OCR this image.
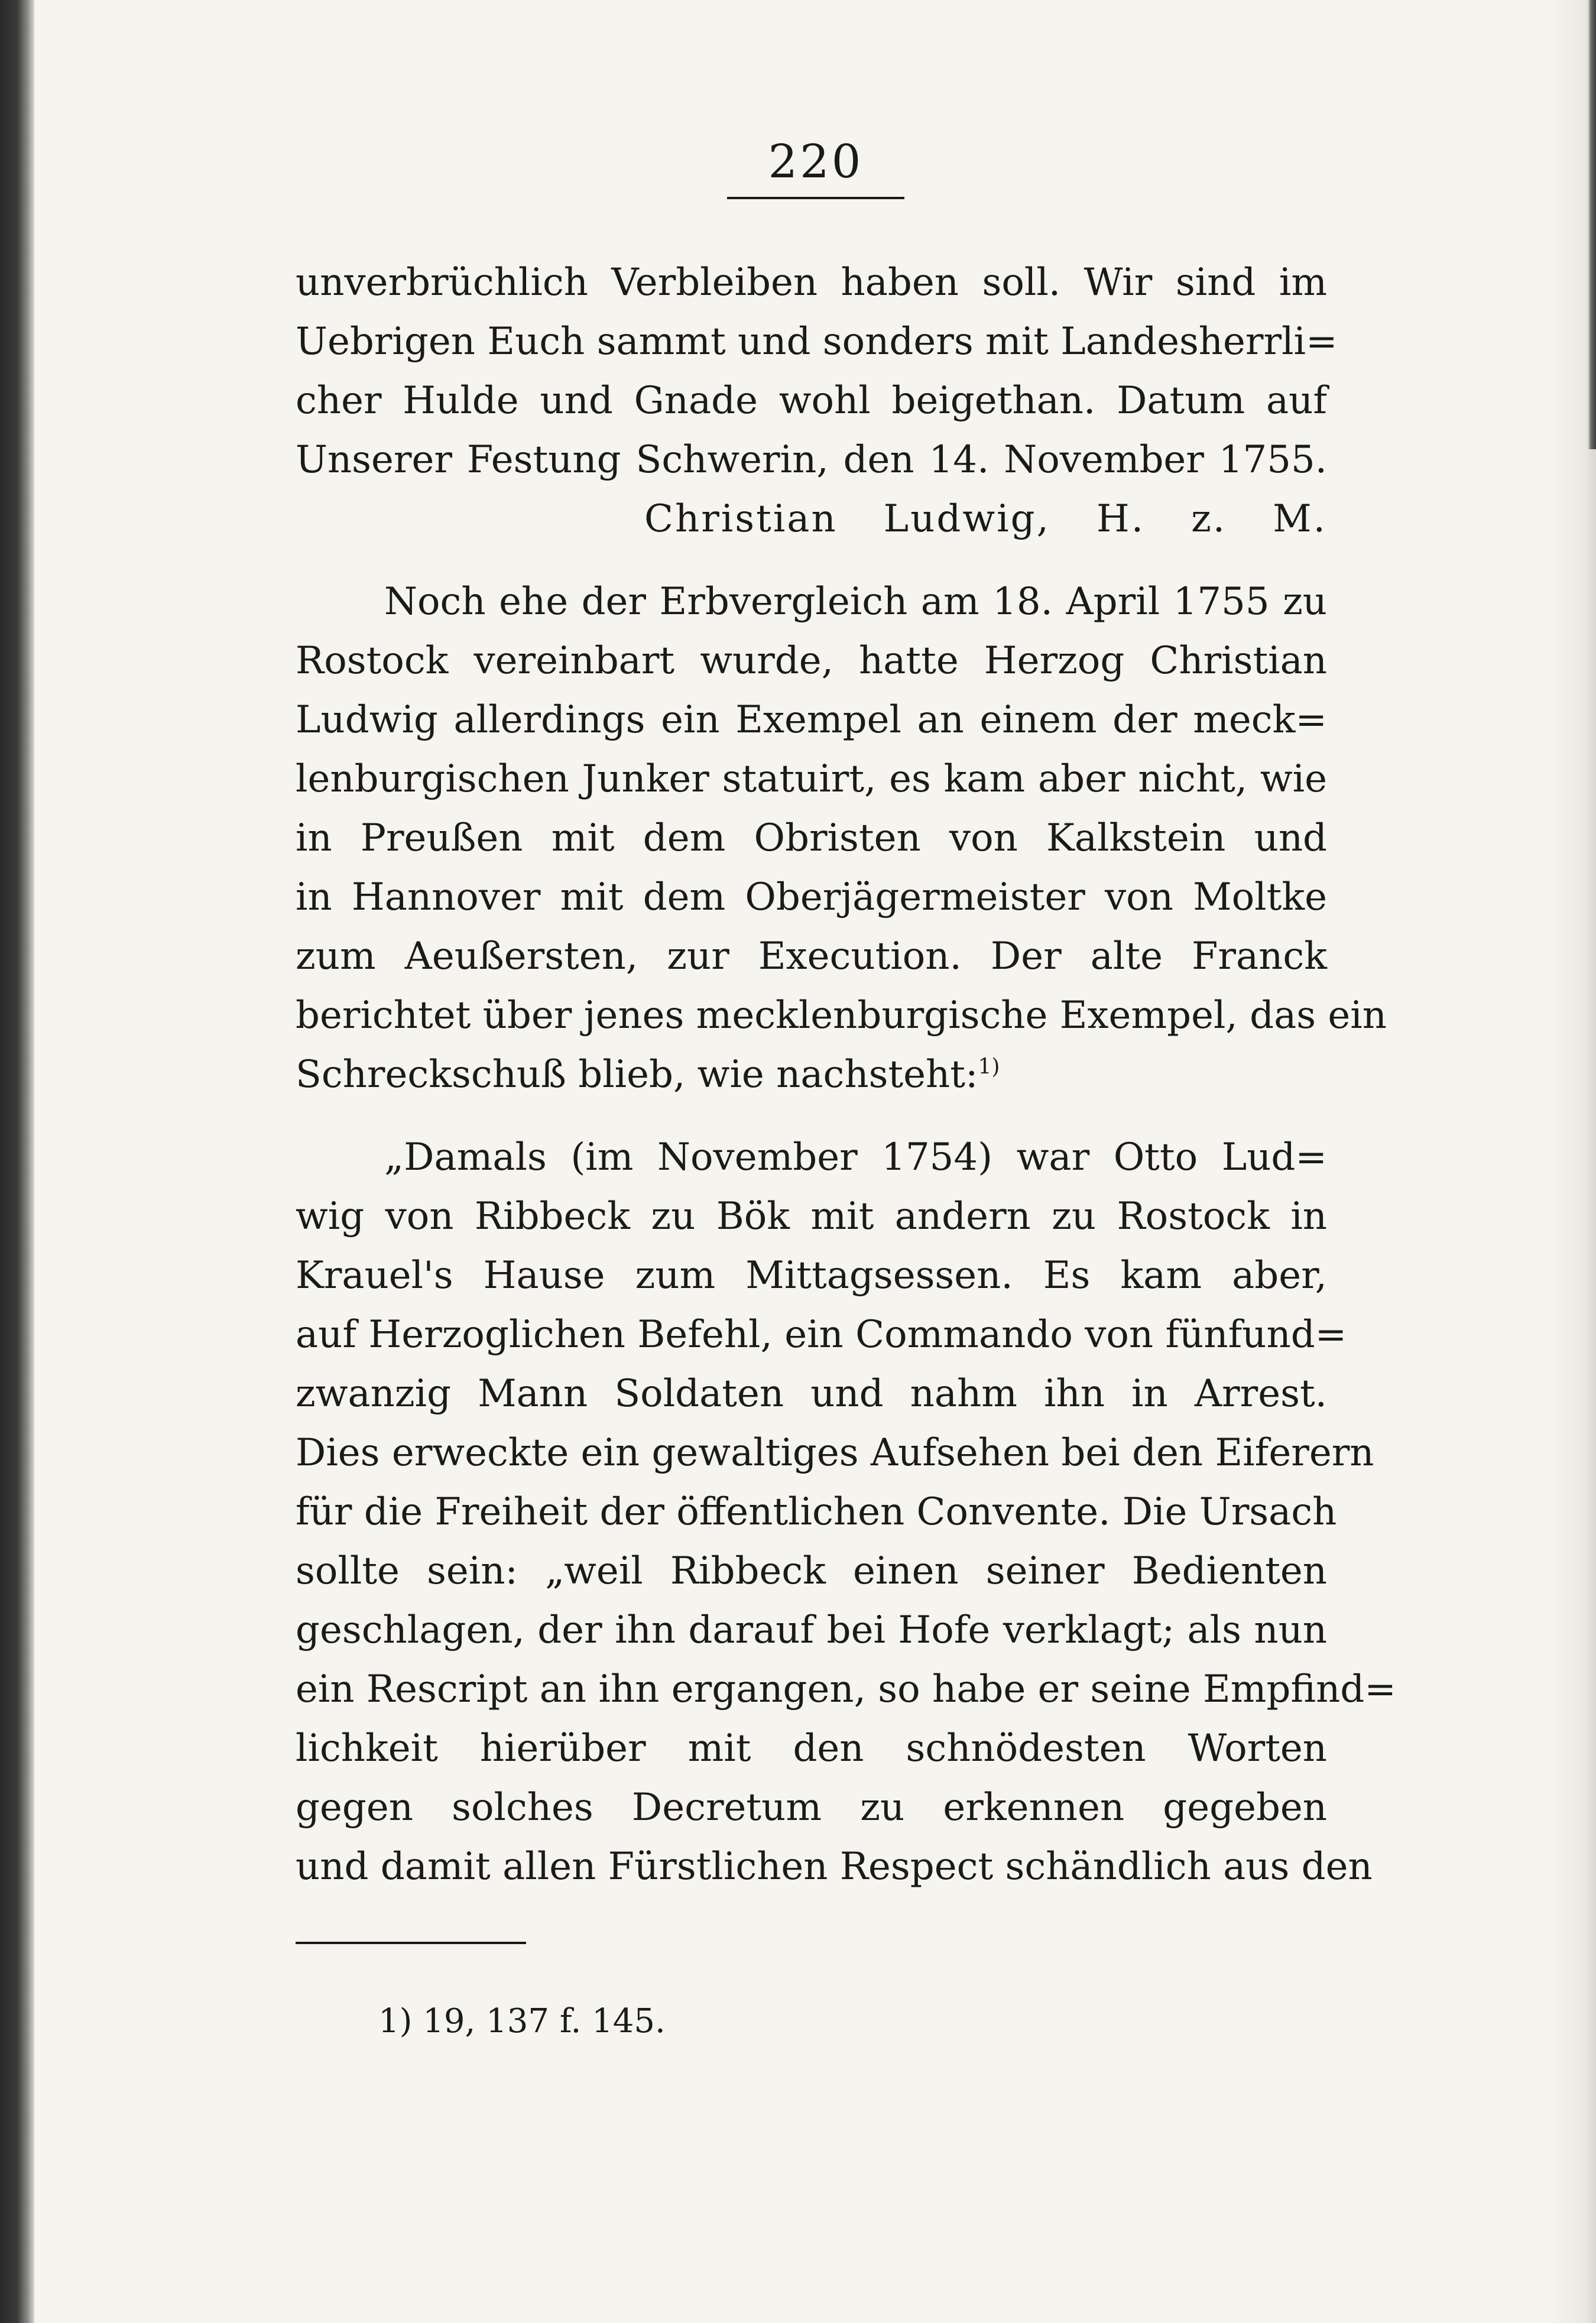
220
unverbrüchlich Verbleiben haben soll. Wir sind im
Uebrigen Euch sammt und sonders mit Landesherrli=
cher Hulde und Gnade wohl beigethan. Datum auf
Unserer Festung Schwerin, den 14. November 1755.
Christian Ludwig, H. z. M.
Noch ehe der Erbvergleich am 18. April 1755 zu
Rostock vereinbart wurde, hatte Herzog Christian
Ludwig allerdings ein Exempel an einem der meck=
lenburgischen Junker statuirt, es kam aber nicht, wie
in Preußen mit dem Obristen von Kalkstein und
in Hannover mit dem Oberjägermeister von Moltke
zum Aeußersten, zur Execution. Der alte Franck
berichtet über jenes mecklenburgische Exempel, das ein
Schreckschuß blieb, wie nachsteht:$^{1)}$
„Damals (im November 1754) war Otto Lud=
wig von Ribbeck zu Bök mit andern zu Rostock in
Krauel's Hause zum Mittagsessen. Es kam aber,
auf Herzoglichen Befehl, ein Commando von fünfund=
zwanzig Mann Soldaten und nahm ihn in Arrest.
Dies erweckte ein gewaltiges Aufsehen bei den Eiferern
für die Freiheit der öffentlichen Convente. Die Ursach
sollte sein: „weil Ribbeck einen seiner Bedienten
geschlagen, der ihn darauf bei Hofe verklagt; als nun
ein Rescript an ihn ergangen, so habe er seine Empfind=
lichkeit hierüber mit den schnödesten Worten
gegen solches Decretum zu erkennen gegeben
und damit allen Fürstlichen Respect schändlich aus den
1) 19, 137 f. 145.
